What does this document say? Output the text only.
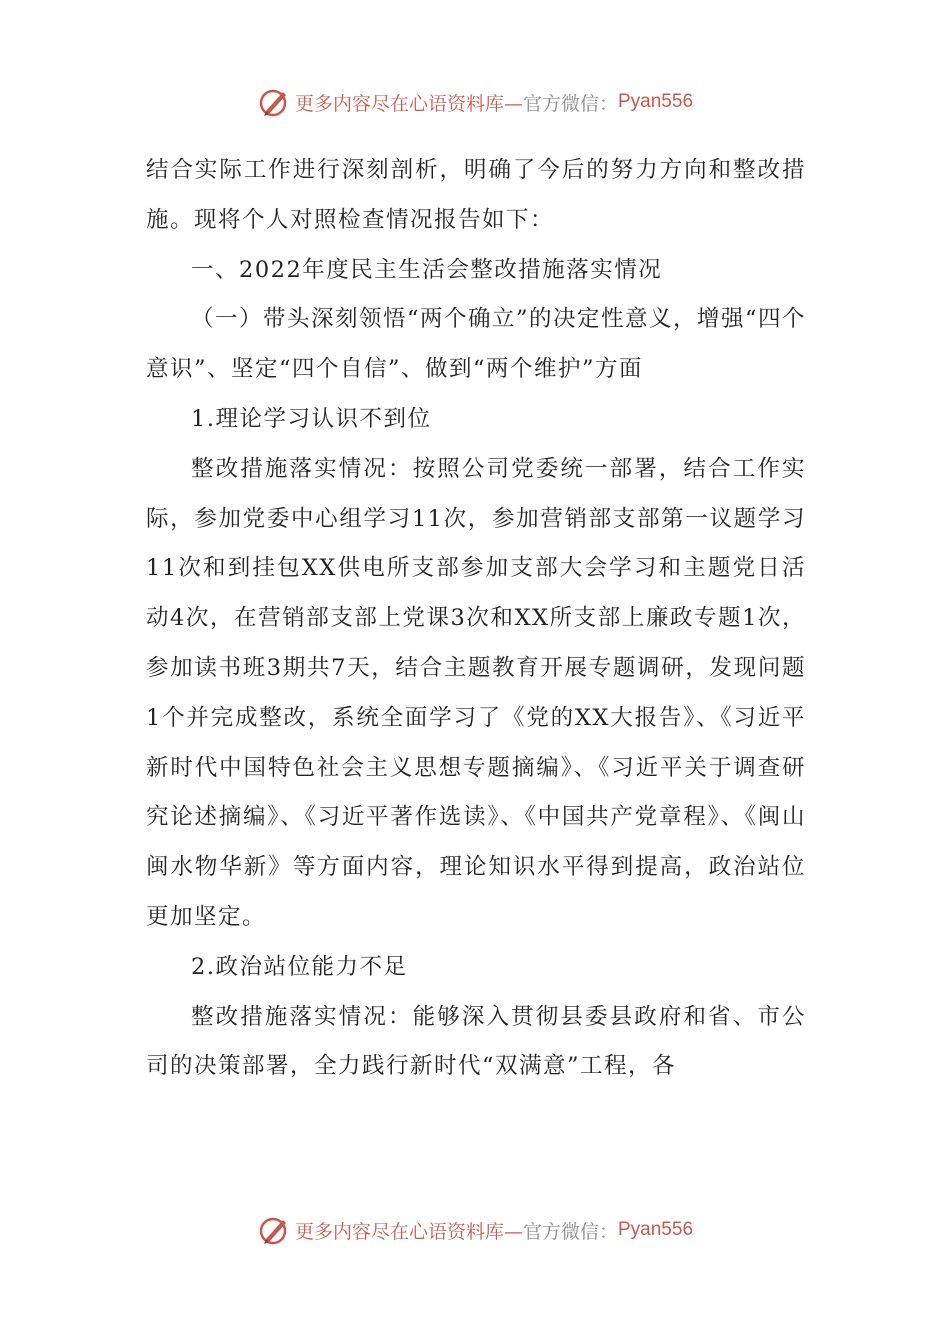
更多内容尽在心语资料库— 官方微信： Pyan556

结合实际工作进行深刻剖析，明确了今后的努力方向和整改措施。现将个人对照检查情况报告如下：

一、2022年度民主生活会整改措施落实情况

（一）带头深刻领悟“两个确立”的决定性意义，增强“四个意识”、坚定“四个自信”、做到“两个维护”方面

1.理论学习认识不到位

整改措施落实情况：按照公司党委统一部署，结合工作实际，参加党委中心组学习11次，参加营销部支部第一议题学习11次和到挂包XX供电所支部参加支部大会学习和主题党日活动4次，在营销部支部上党课3次和XX所支部上廉政专题1次，参加读书班3期共7天，结合主题教育开展专题调研，发现问题1个并完成整改，系统全面学习了《党的XX大报告》、《习近平新时代中国特色社会主义思想专题摘编》、《习近平关于调查研究论述摘编》、《习近平著作选读》、《中国共产党章程》、《闽山闽水物华新》等方面内容，理论知识水平得到提高，政治站位更加坚定。

2.政治站位能力不足

整改措施落实情况：能够深入贯彻县委县政府和省、市公司的决策部署，全力践行新时代“双满意”工程，各

更多内容尽在心语资料库— 官方微信： Pyan556
